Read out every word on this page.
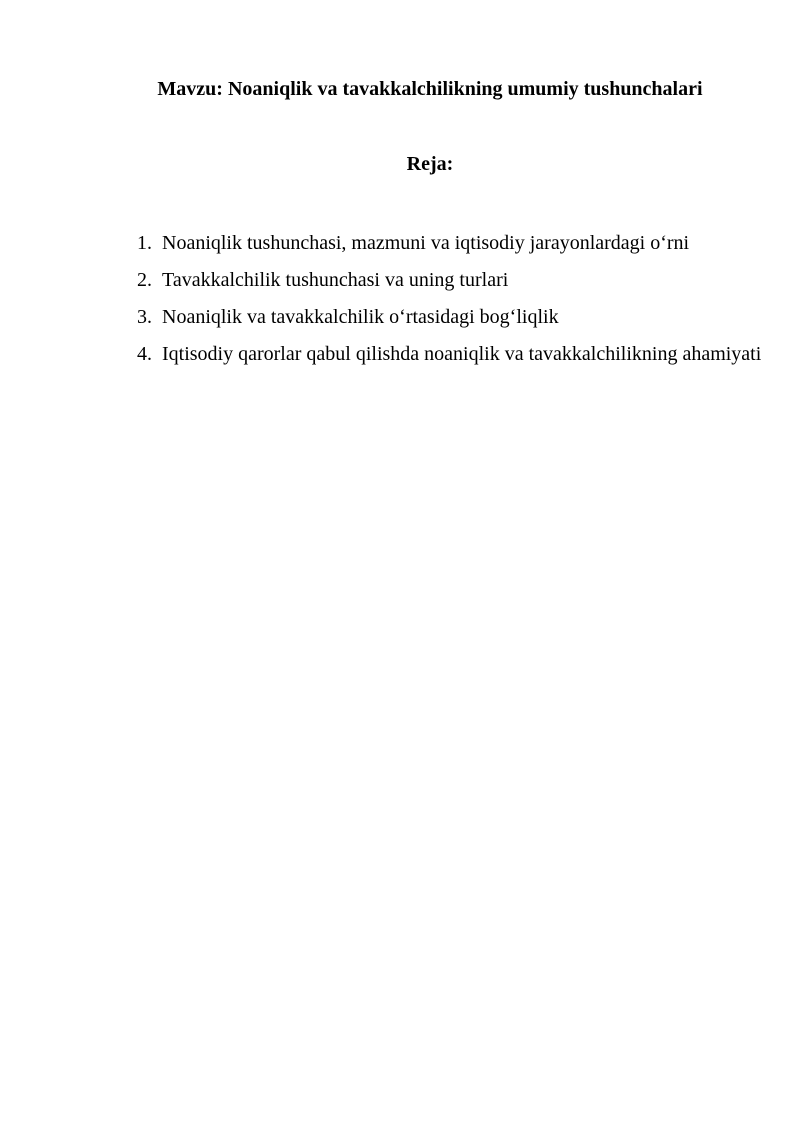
Mavzu: Noaniqlik va tavakkalchilikning umumiy tushunchalari
Reja:
1. Noaniqlik tushunchasi, mazmuni va iqtisodiy jarayonlardagi o‘rni
2. Tavakkalchilik tushunchasi va uning turlari
3. Noaniqlik va tavakkalchilik o‘rtasidagi bog‘liqlik
4. Iqtisodiy qarorlar qabul qilishda noaniqlik va tavakkalchilikning ahamiyati
